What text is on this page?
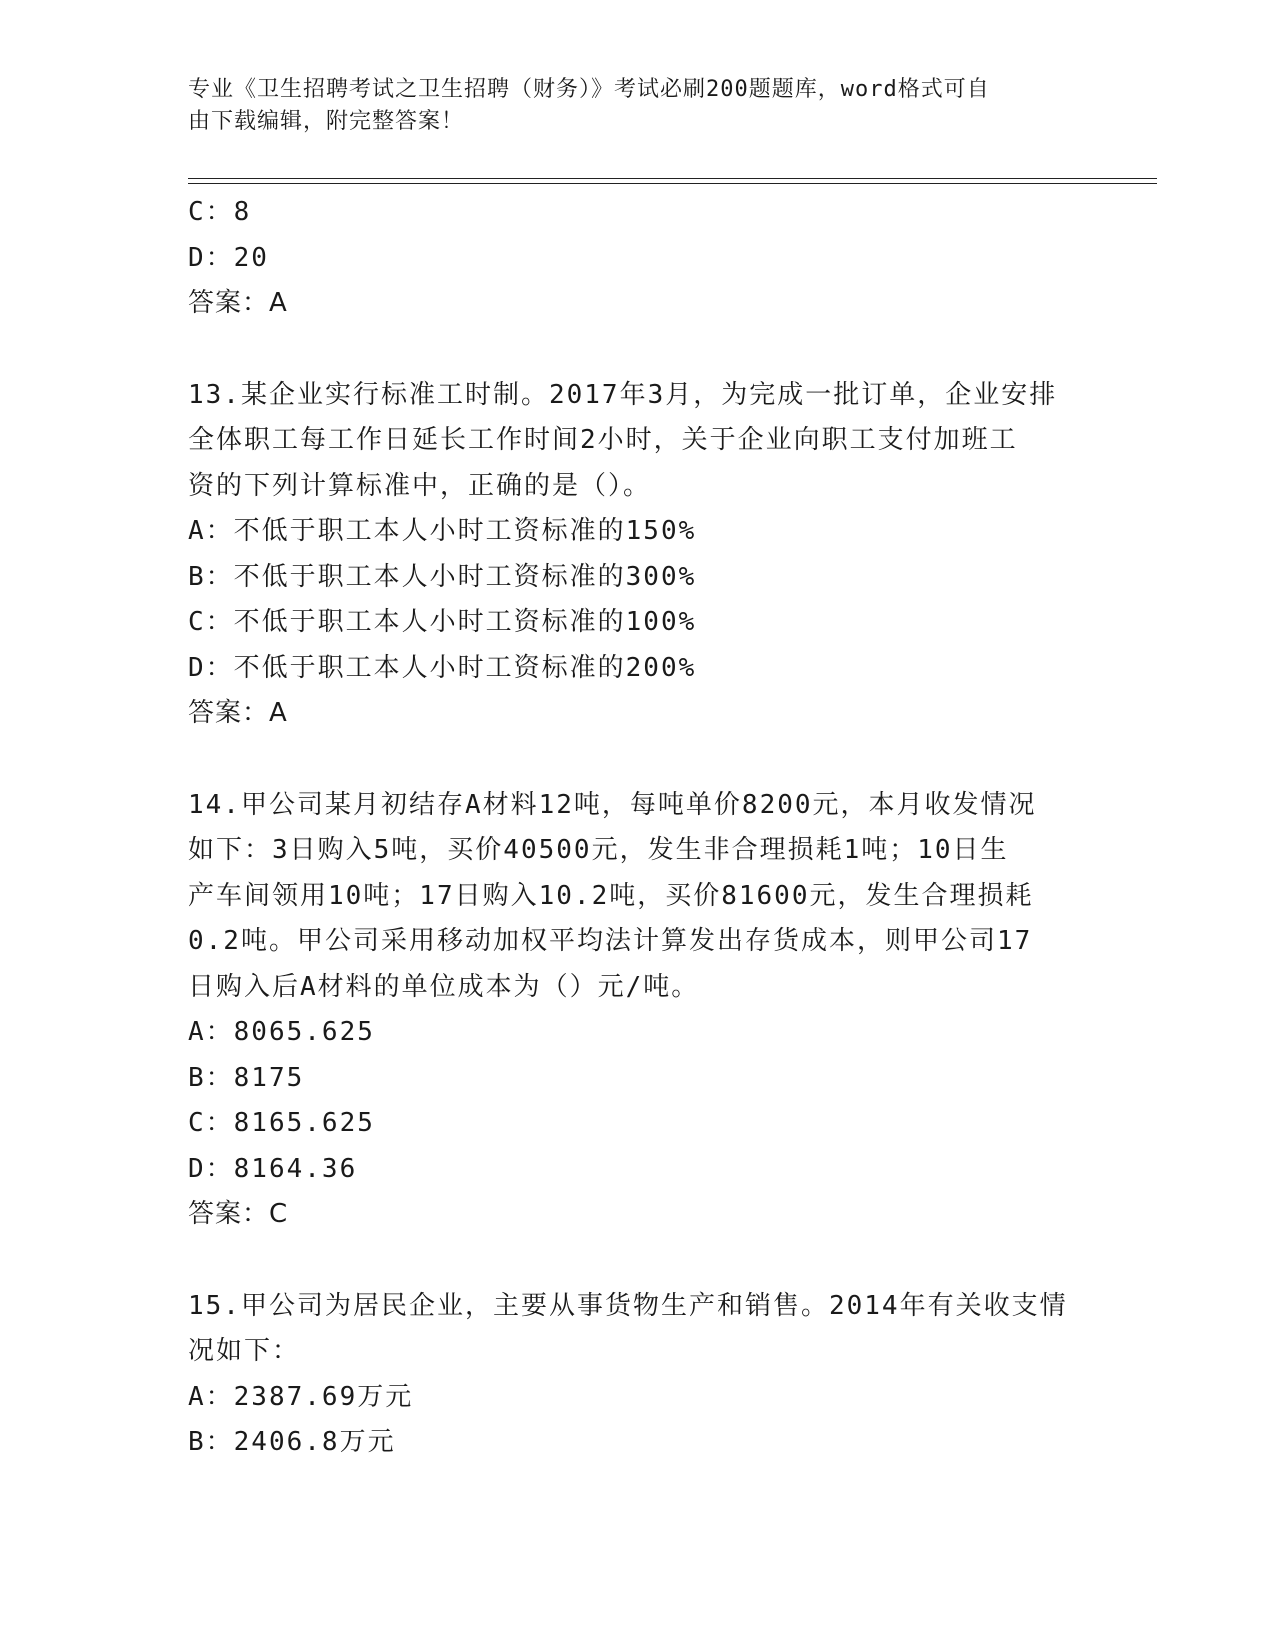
专业《卫生招聘考试之卫生招聘（财务）》考试必刷200题题库，word格式可自
由下载编辑，附完整答案！
C：8
D：20
答案：A
13.某企业实行标准工时制。2017年3月，为完成一批订单，企业安排
全体职工每工作日延长工作时间2小时，关于企业向职工支付加班工
资的下列计算标准中，正确的是（）。
A：不低于职工本人小时工资标准的150%
B：不低于职工本人小时工资标准的300%
C：不低于职工本人小时工资标准的100%
D：不低于职工本人小时工资标准的200%
答案：A
14.甲公司某月初结存A材料12吨，每吨单价8200元，本月收发情况
如下：3日购入5吨，买价40500元，发生非合理损耗1吨；10日生
产车间领用10吨；17日购入10.2吨，买价81600元，发生合理损耗
0.2吨。甲公司采用移动加权平均法计算发出存货成本，则甲公司17
日购入后A材料的单位成本为（）元/吨。
A：8065.625
B：8175
C：8165.625
D：8164.36
答案：C
15.甲公司为居民企业，主要从事货物生产和销售。2014年有关收支情
况如下：
A：2387.69万元
B：2406.8万元
